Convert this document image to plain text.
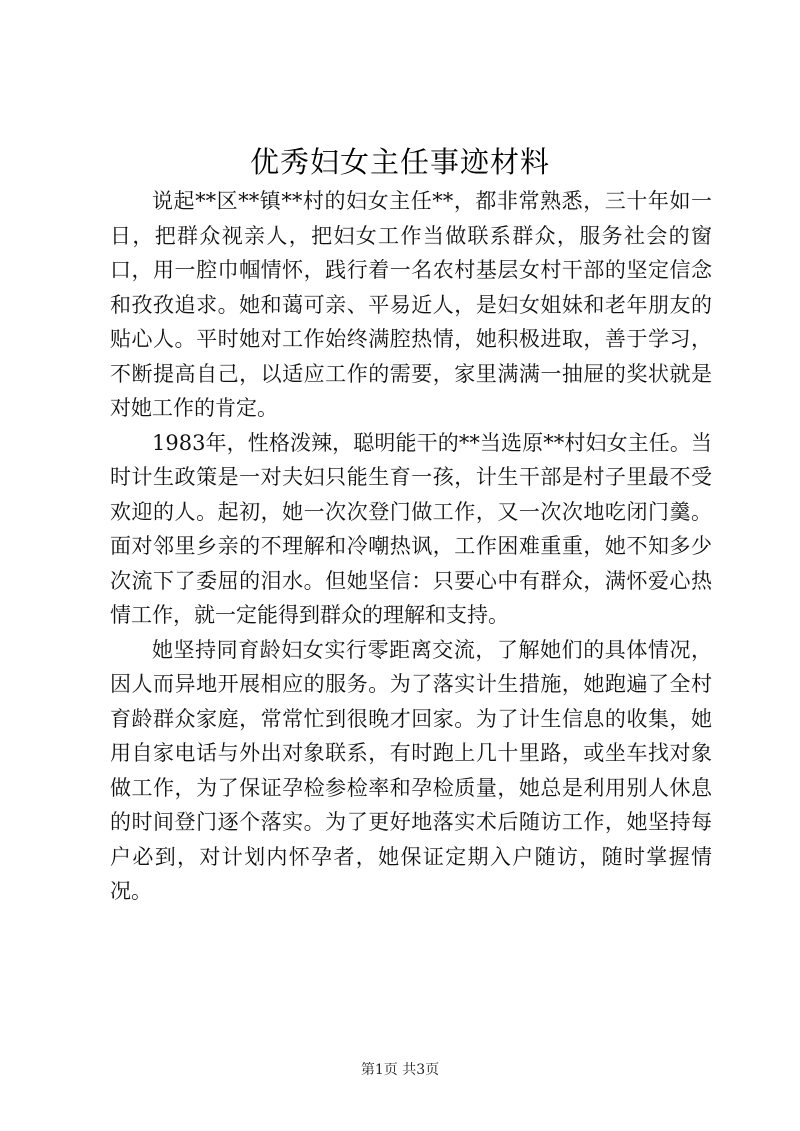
优秀妇女主任事迹材料

说起**区**镇**村的妇女主任**，都非常熟悉，三十年如一日，把群众视亲人，把妇女工作当做联系群众，服务社会的窗口，用一腔巾帼情怀，践行着一名农村基层女村干部的坚定信念和孜孜追求。她和蔼可亲、平易近人，是妇女姐妹和老年朋友的贴心人。平时她对工作始终满腔热情，她积极进取，善于学习，不断提高自己，以适应工作的需要，家里满满一抽屉的奖状就是对她工作的肯定。

1983年，性格泼辣，聪明能干的**当选原**村妇女主任。当时计生政策是一对夫妇只能生育一孩，计生干部是村子里最不受欢迎的人。起初，她一次次登门做工作，又一次次地吃闭门羹。面对邻里乡亲的不理解和冷嘲热讽，工作困难重重，她不知多少次流下了委屈的泪水。但她坚信：只要心中有群众，满怀爱心热情工作，就一定能得到群众的理解和支持。

她坚持同育龄妇女实行零距离交流，了解她们的具体情况，因人而异地开展相应的服务。为了落实计生措施，她跑遍了全村育龄群众家庭，常常忙到很晚才回家。为了计生信息的收集，她用自家电话与外出对象联系，有时跑上几十里路，或坐车找对象做工作，为了保证孕检参检率和孕检质量，她总是利用别人休息的时间登门逐个落实。为了更好地落实术后随访工作，她坚持每户必到，对计划内怀孕者，她保证定期入户随访，随时掌握情况。

第1页 共3页
